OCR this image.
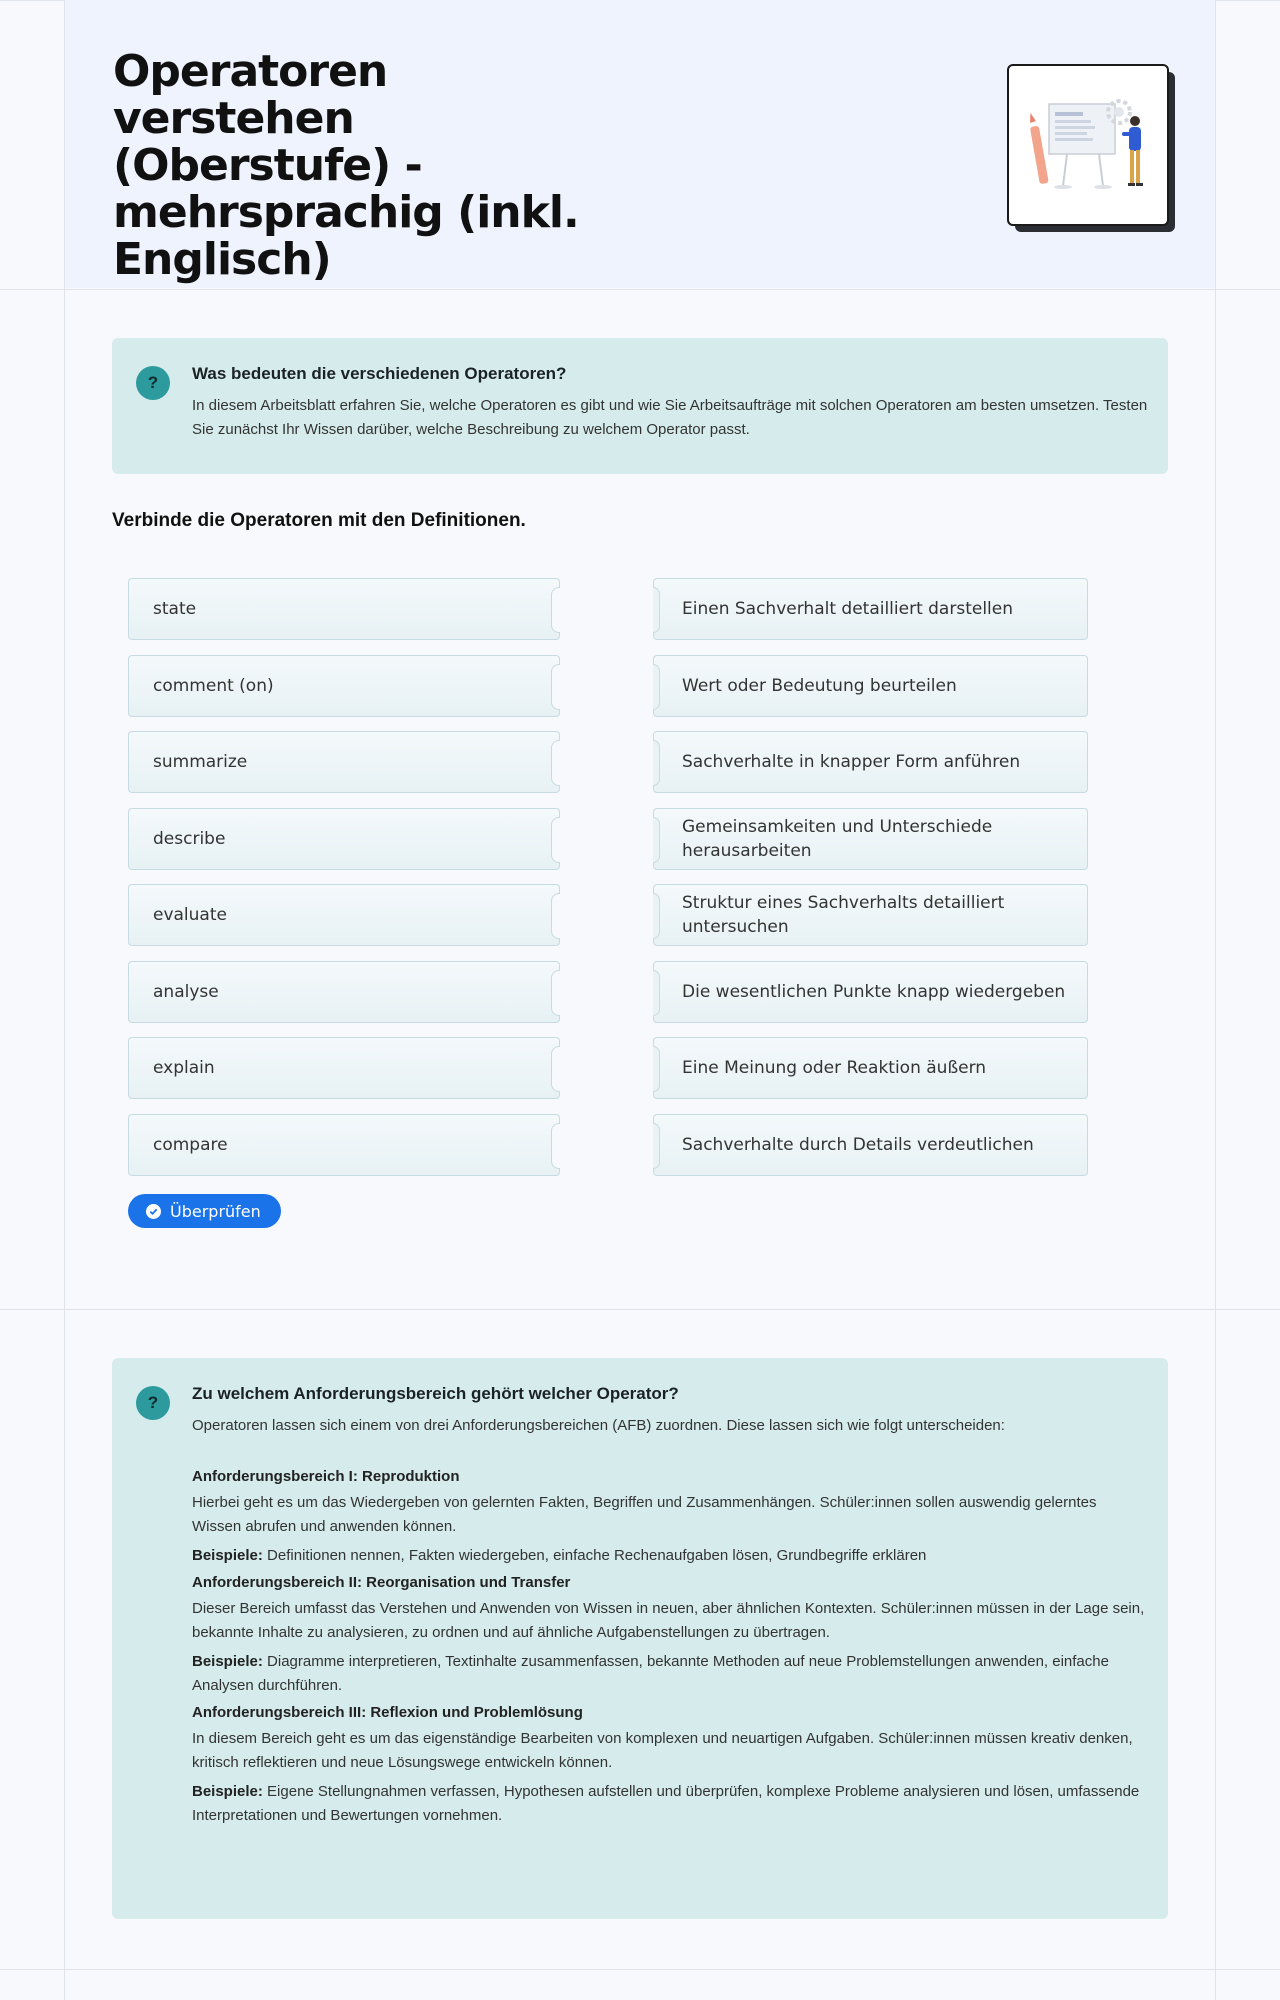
Operatoren verstehen (Oberstufe) - mehrsprachig (inkl. Englisch)
?	Was bedeuten die verschiedenen Operatoren?

In diesem Arbeitsblatt erfahren Sie, welche Operatoren es gibt und wie Sie Arbeitsaufträge mit solchen Operatoren am besten umsetzen. Testen Sie zunächst Ihr Wissen darüber, welche Beschreibung zu welchem Operator passt.

Verbinde die Operatoren mit den Definitionen.
state
comment (on)
summarize
describe
evaluate
analyse
explain
compare
Einen Sachverhalt detailliert darstellen
Wert oder Bedeutung beurteilen
Sachverhalte in knapper Form anführen
Gemeinsamkeiten und Unterschiede herausarbeiten
Struktur eines Sachverhalts detailliert untersuchen
Die wesentlichen Punkte knapp wiedergeben
Eine Meinung oder Reaktion äußern
Sachverhalte durch Details verdeutlichen
Überprüfen
?	Zu welchem Anforderungsbereich gehört welcher Operator?

Operatoren lassen sich einem von drei Anforderungsbereichen (AFB) zuordnen. Diese lassen sich wie folgt unterscheiden:

Anforderungsbereich I: Reproduktion

Hierbei geht es um das Wiedergeben von gelernten Fakten, Begriffen und Zusammenhängen. Schüler:innen sollen auswendig gelerntes Wissen abrufen und anwenden können.

Beispiele: Definitionen nennen, Fakten wiedergeben, einfache Rechenaufgaben lösen, Grundbegriffe erklären

Anforderungsbereich II: Reorganisation und Transfer

Dieser Bereich umfasst das Verstehen und Anwenden von Wissen in neuen, aber ähnlichen Kontexten. Schüler:innen müssen in der Lage sein, bekannte Inhalte zu analysieren, zu ordnen und auf ähnliche Aufgabenstellungen zu übertragen.

Beispiele: Diagramme interpretieren, Textinhalte zusammenfassen, bekannte Methoden auf neue Problemstellungen anwenden, einfache Analysen durchführen.

Anforderungsbereich III: Reflexion und Problemlösung

In diesem Bereich geht es um das eigenständige Bearbeiten von komplexen und neuartigen Aufgaben. Schüler:innen müssen kreativ denken, kritisch reflektieren und neue Lösungswege entwickeln können.

Beispiele: Eigene Stellungnahmen verfassen, Hypothesen aufstellen und überprüfen, komplexe Probleme analysieren und lösen, umfassende Interpretationen und Bewertungen vornehmen.
